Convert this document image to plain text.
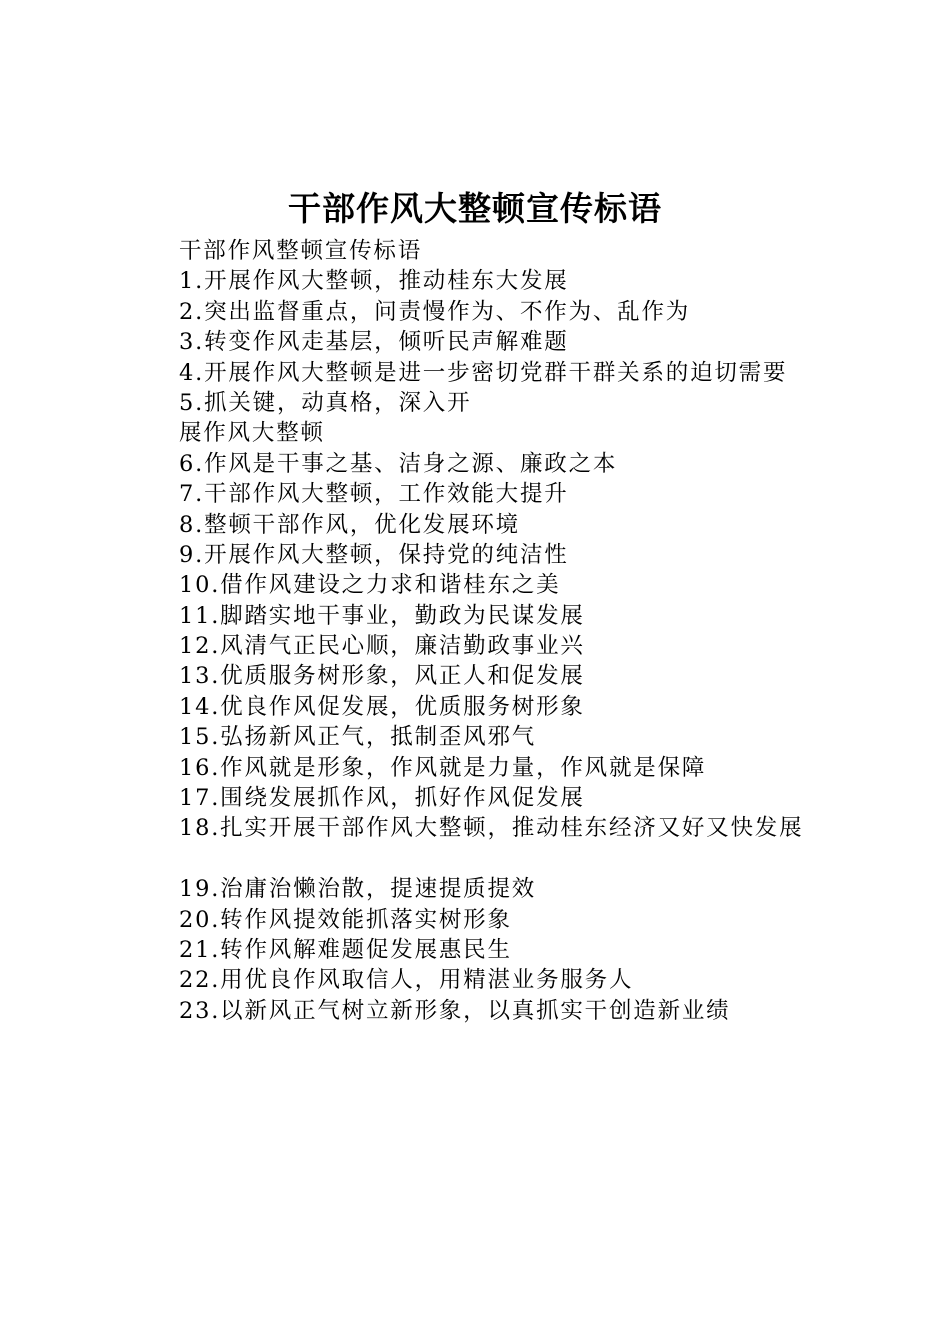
干部作风大整顿宣传标语
干部作风整顿宣传标语
1.开展作风大整顿，推动桂东大发展
2.突出监督重点，问责慢作为、不作为、乱作为
3.转变作风走基层，倾听民声解难题
4.开展作风大整顿是进一步密切党群干群关系的迫切需要
5.抓关键，动真格，深入开
展作风大整顿
6.作风是干事之基、洁身之源、廉政之本
7.干部作风大整顿，工作效能大提升
8.整顿干部作风，优化发展环境
9.开展作风大整顿，保持党的纯洁性
10.借作风建设之力求和谐桂东之美
11.脚踏实地干事业，勤政为民谋发展
12.风清气正民心顺，廉洁勤政事业兴
13.优质服务树形象，风正人和促发展
14.优良作风促发展，优质服务树形象
15.弘扬新风正气，抵制歪风邪气
16.作风就是形象，作风就是力量，作风就是保障
17.围绕发展抓作风，抓好作风促发展
18.扎实开展干部作风大整顿，推动桂东经济又好又快发展
19.治庸治懒治散，提速提质提效
20.转作风提效能抓落实树形象
21.转作风解难题促发展惠民生
22.用优良作风取信人，用精湛业务服务人
23.以新风正气树立新形象，以真抓实干创造新业绩
